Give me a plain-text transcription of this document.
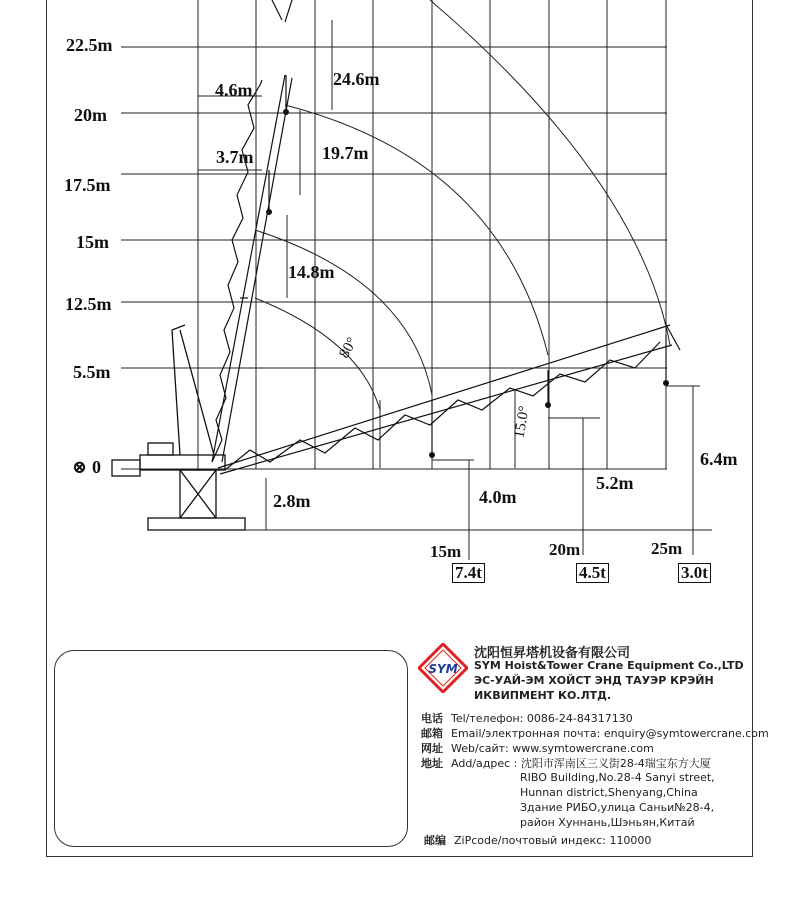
22.5m
20m
17.5m
15m
12.5m
5.5m
⊗ 0
4.6m
3.7m
24.6m
19.7m
14.8m
2.8m	4.0m
5.2m
6.4m
80°
15.0°
15m
7.4t
20m
4.5t
25m
3.0t
SYM
沈阳恒昇塔机设备有限公司
SYM Hoist&Tower Crane Equipment Co.,LTD
ЭС-УАЙ-ЭМ ХОЙСТ ЭНД ТАУЭР КРЭЙН
ИКВИПМЕНТ КО.ЛТД.
电话 Tel/телефон: 0086-24-84317130
邮箱 Email/электронная почта: enquiry@symtowercrane.com
网址 Web/сайт: www.symtowercrane.com
地址 Add/адрес : 沈阳市浑南区三义街28-4瑞宝东方大厦
RIBO Building,No.28-4 Sanyi street,
Hunnan district,Shenyang,China
Здание РИБО,улица Саньи№28-4,
район Хуннань,Шэньян,Китай
邮编 ZiPcode/почтовый индекс: 110000
